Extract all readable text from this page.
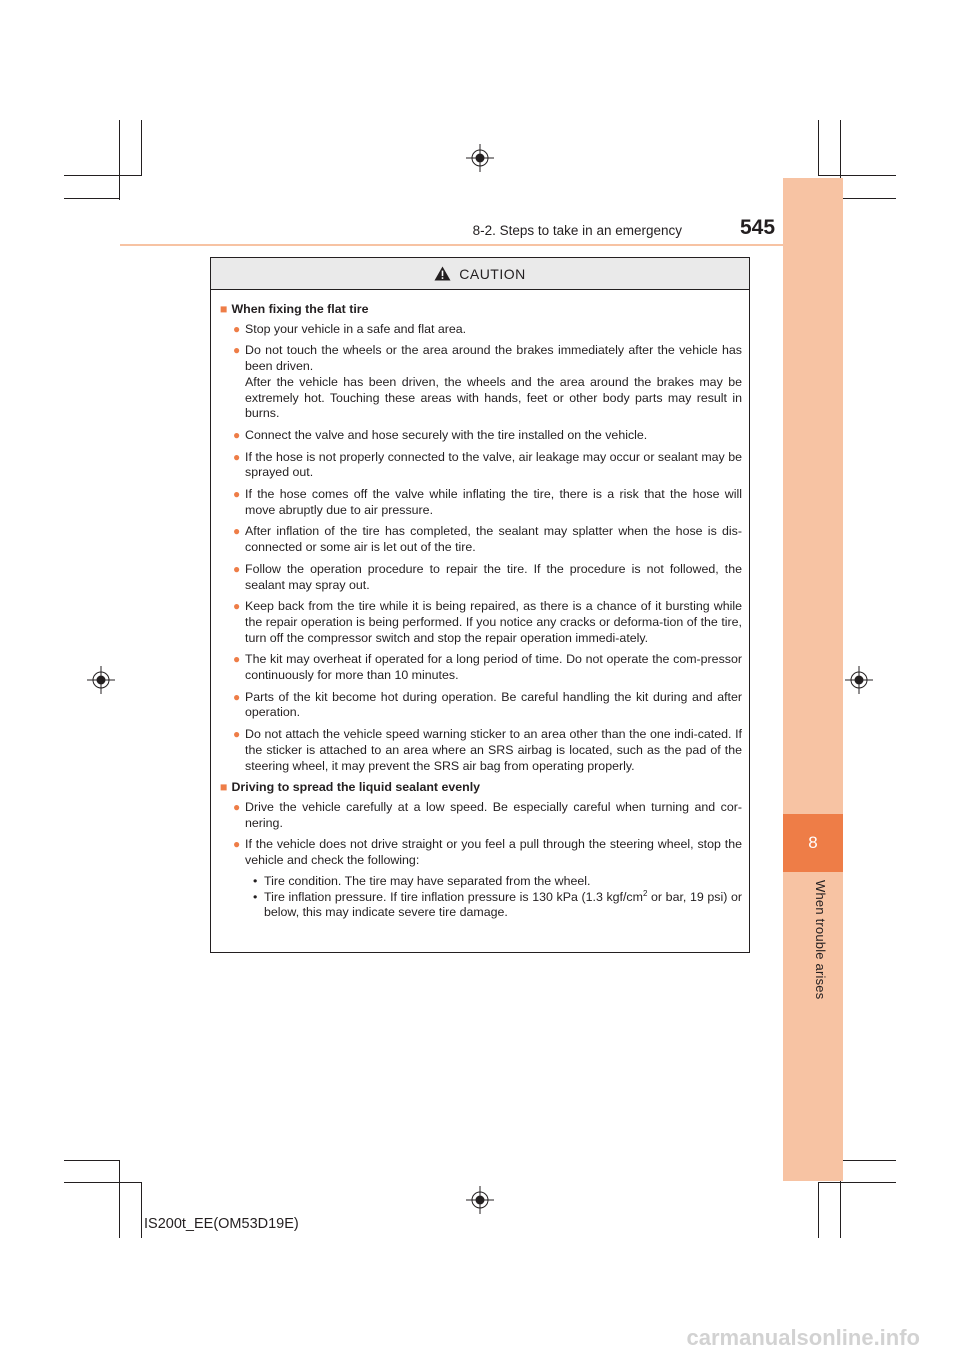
8
When trouble arises
8-2. Steps to take in an emergency	545
CAUTION
■ When fixing the flat tire
● Stop your vehicle in a safe and flat area.
● Do not touch the wheels or the area around the brakes immediately after the vehicle has been driven.
After the vehicle has been driven, the wheels and the area around the brakes may be extremely hot. Touching these areas with hands, feet or other body parts may result in burns.
● Connect the valve and hose securely with the tire installed on the vehicle.
● If the hose is not properly connected to the valve, air leakage may occur or sealant may be sprayed out.
● If the hose comes off the valve while inflating the tire, there is a risk that the hose will move abruptly due to air pressure.
● After inflation of the tire has completed, the sealant may splatter when the hose is dis-connected or some air is let out of the tire.
● Follow the operation procedure to repair the tire. If the procedure is not followed, the sealant may spray out.
● Keep back from the tire while it is being repaired, as there is a chance of it bursting while the repair operation is being performed. If you notice any cracks or deforma-tion of the tire, turn off the compressor switch and stop the repair operation immedi-ately.
● The kit may overheat if operated for a long period of time. Do not operate the com-pressor continuously for more than 10 minutes.
● Parts of the kit become hot during operation. Be careful handling the kit during and after operation.
● Do not attach the vehicle speed warning sticker to an area other than the one indi-cated. If the sticker is attached to an area where an SRS airbag is located, such as the pad of the steering wheel, it may prevent the SRS air bag from operating properly.
■ Driving to spread the liquid sealant evenly
● Drive the vehicle carefully at a low speed. Be especially careful when turning and cor-nering.
● If the vehicle does not drive straight or you feel a pull through the steering wheel, stop the vehicle and check the following:
• Tire condition. The tire may have separated from the wheel.
• Tire inflation pressure. If tire inflation pressure is 130 kPa (1.3 kgf/$cm^2$ or bar, 19 psi) or below, this may indicate severe tire damage.
IS200t_EE(OM53D19E)
carmanualsonline.info
